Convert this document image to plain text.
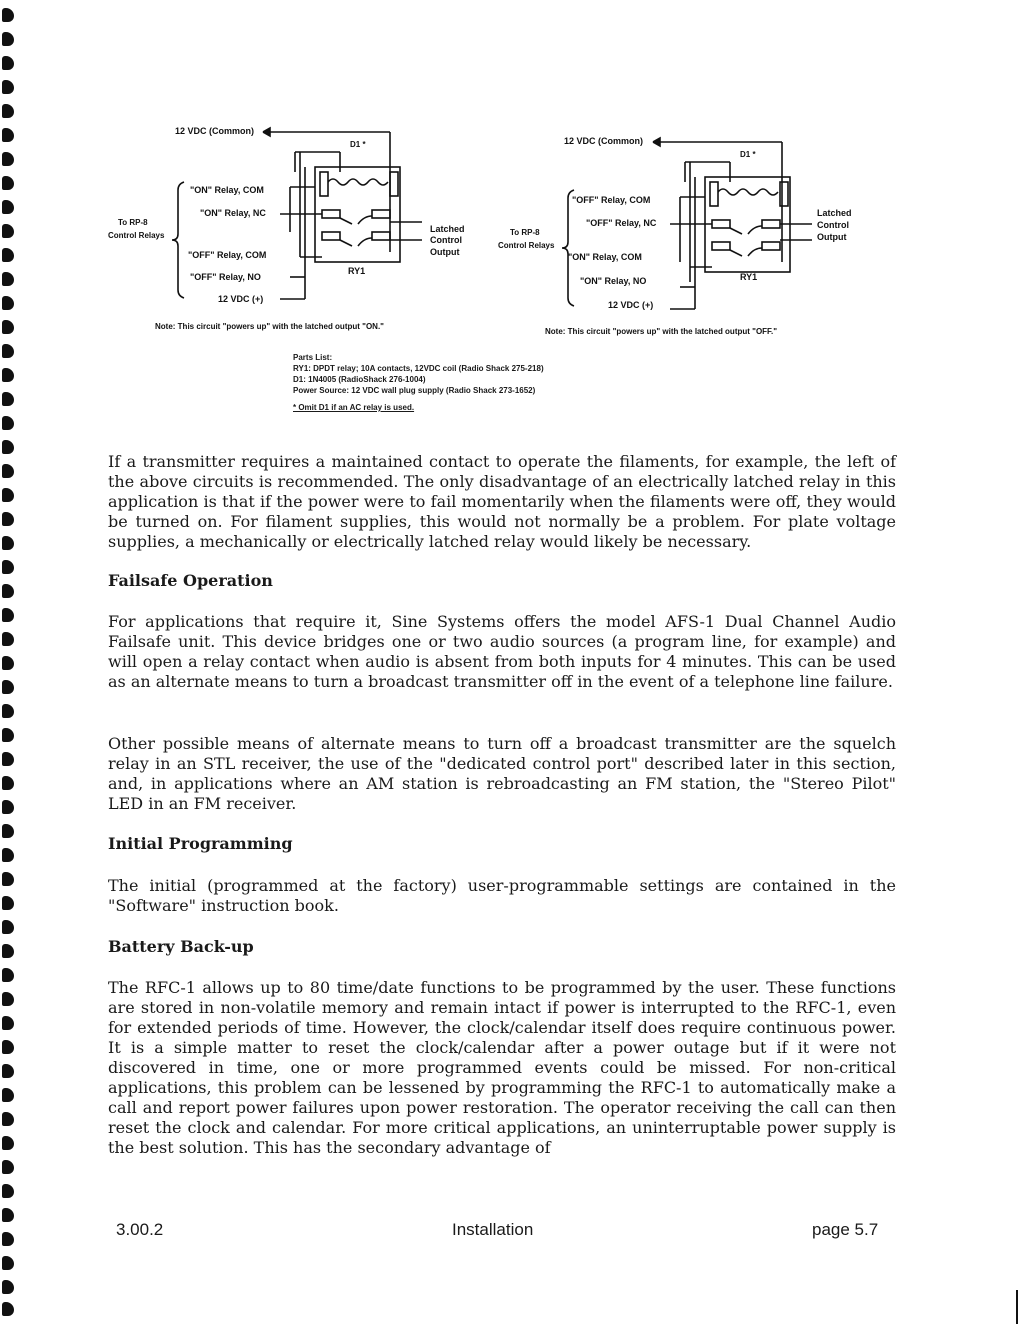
12 VDC (Common)
D1 *
"ON" Relay, COM
"ON" Relay, NC
To RP-8
Control Relays
Latched
Control
Output
"OFF" Relay, COM
RY1
"OFF" Relay, NO
12 VDC (+)
Note: This circuit "powers up" with the latched output "ON."
12 VDC (Common)
D1 *
"OFF" Relay, COM
"OFF" Relay, NC
To RP-8
Control Relays
Latched
Control
Output
"ON" Relay, COM
RY1
"ON" Relay, NO
12 VDC (+)
Note: This circuit "powers up" with the latched output "OFF."
Parts List:
RY1: DPDT relay; 10A contacts, 12VDC coil (Radio Shack 275-218)
D1: 1N4005 (RadioShack 276-1004)
Power Source: 12 VDC wall plug supply (Radio Shack 273-1652)
* Omit D1 if an AC relay is used.

If a transmitter requires a maintained contact to operate the filaments, for example, the left of the above circuits is recommended. The only disadvantage of an electrically latched relay in this application is that if the power were to fail momentarily when the filaments were off, they would be turned on. For filament supplies, this would not normally be a problem. For plate voltage supplies, a mechanically or electrically latched relay would likely be necessary.

Failsafe Operation

For applications that require it, Sine Systems offers the model AFS-1 Dual Channel Audio Failsafe unit. This device bridges one or two audio sources (a program line, for example) and will open a relay contact when audio is absent from both inputs for 4 minutes. This can be used as an alternate means to turn a broadcast transmitter off in the event of a telephone line failure.

Other possible means of alternate means to turn off a broadcast transmitter are the squelch relay in an STL receiver, the use of the "dedicated control port" described later in this section, and, in applications where an AM station is rebroadcasting an FM station, the "Stereo Pilot" LED in an FM receiver.

Initial Programming

The initial (programmed at the factory) user-programmable settings are contained in the "Software" instruction book.

Battery Back-up

The RFC-1 allows up to 80 time/date functions to be programmed by the user. These functions are stored in non-volatile memory and remain intact if power is interrupted to the RFC-1, even for extended periods of time. However, the clock/calendar itself does require continuous power. It is a simple matter to reset the clock/calendar after a power outage but if it were not discovered in time, one or more programmed events could be missed. For non-critical applications, this problem can be lessened by programming the RFC-1 to automatically make a call and report power failures upon power restoration. The operator receiving the call can then reset the clock and calendar. For more critical applications, an uninterruptable power supply is the best solution. This has the secondary advantage of

3.00.2	Installation	page 5.7
